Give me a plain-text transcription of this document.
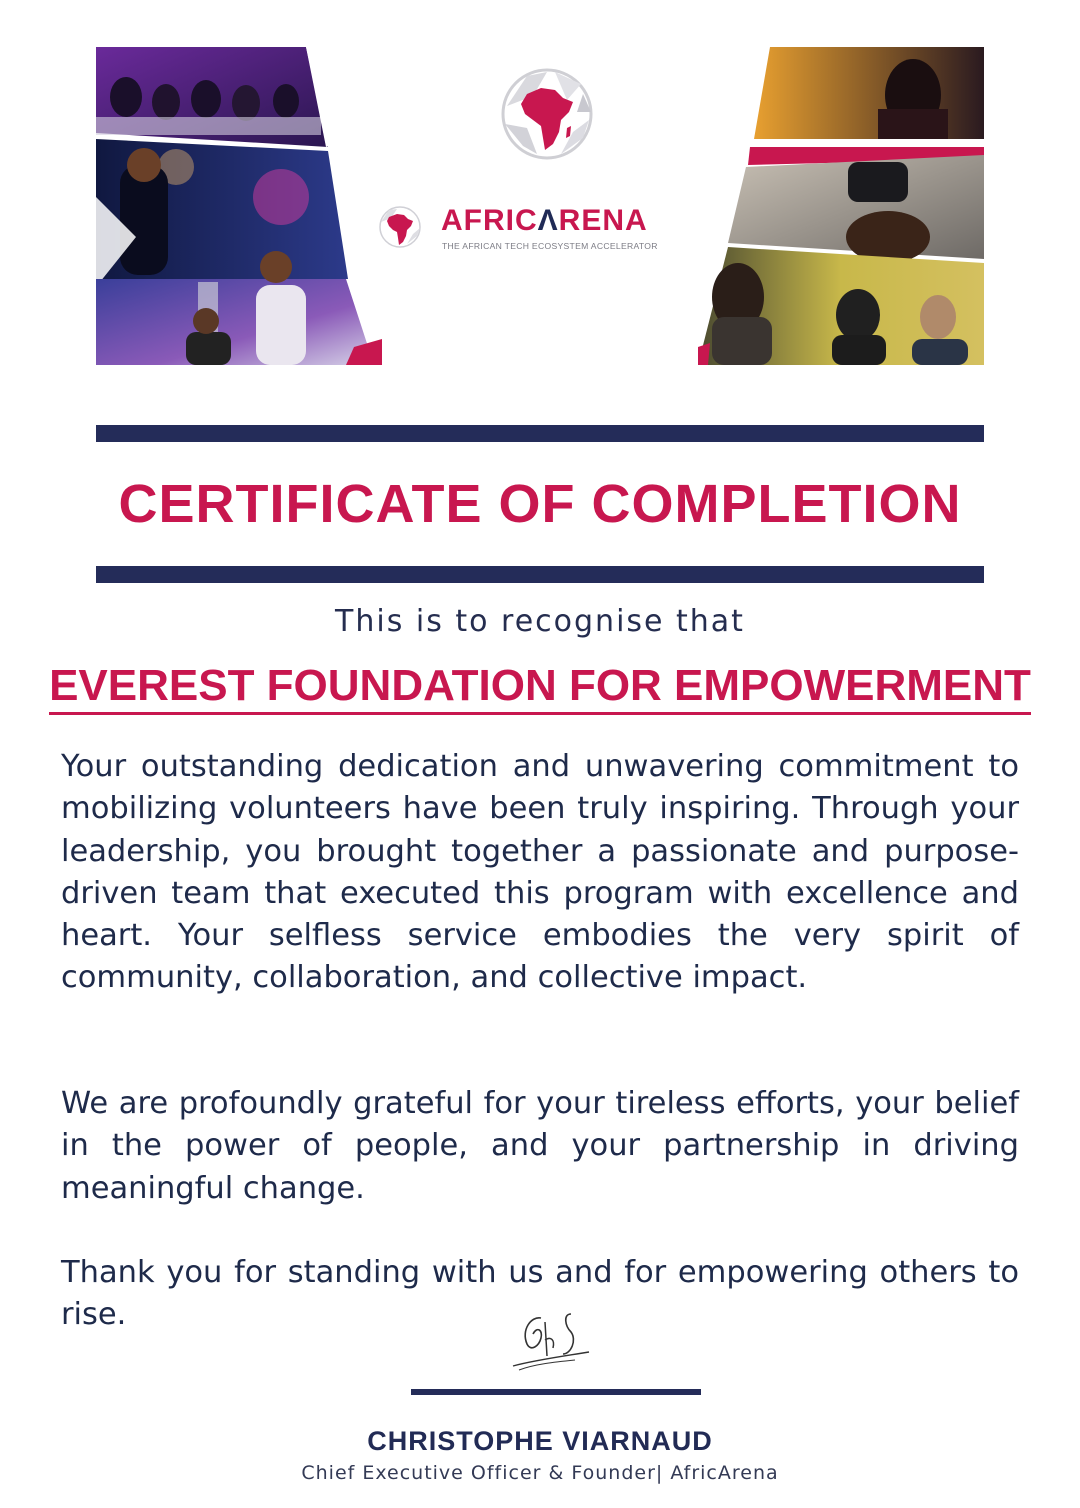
AFRICΛRENA
THE AFRICAN TECH ECOSYSTEM ACCELERATOR
CERTIFICATE OF COMPLETION
This is to recognise that
EVEREST FOUNDATION FOR EMPOWERMENT
Your outstanding dedication and unwavering commitment to mobilizing volunteers have been truly inspiring. Through your leadership, you brought together a passionate and purpose-driven team that executed this program with excellence and heart. Your selfless service embodies the very spirit of community, collaboration, and collective impact.
We are profoundly grateful for your tireless efforts, your belief in the power of people, and your partnership in driving meaningful change.
Thank you for standing with us and for empowering others to rise.
CHRISTOPHE VIARNAUD
Chief Executive Officer & Founder| AfricArena
